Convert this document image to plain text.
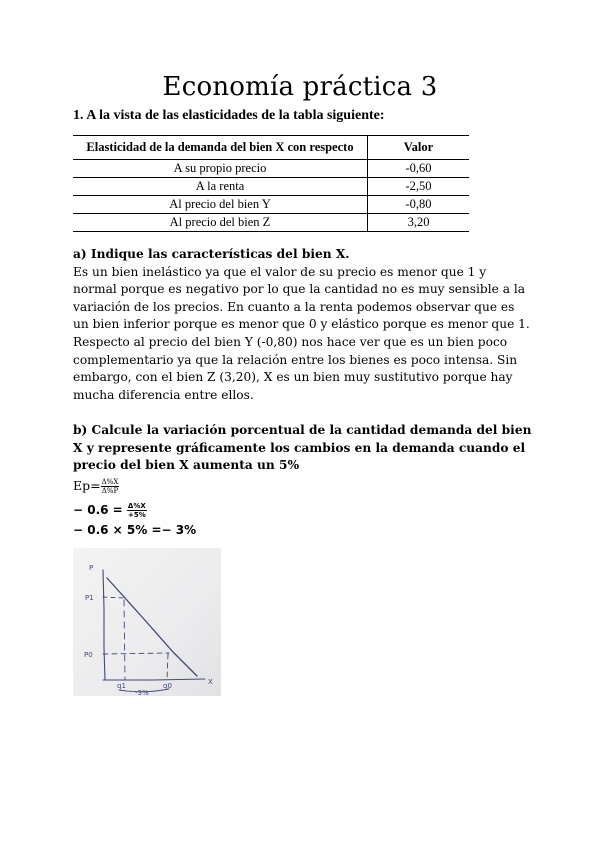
Economía práctica 3
1. A la vista de las elasticidades de la tabla siguiente:
Elasticidad de la demanda del bien X con respecto	Valor
A su propio precio	-0,60
A la renta	-2,50
Al precio del bien Y	-0,80
Al precio del bien Z	3,20
a) Indique las características del bien X.
Es un bien inelástico ya que el valor de su precio es menor que 1 y normal porque es negativo por lo que la cantidad no es muy sensible a la variación de los precios. En cuanto a la renta podemos observar que es un bien inferior porque es menor que 0 y elástico porque es menor que 1. Respecto al precio del bien Y (-0,80) nos hace ver que es un bien poco complementario ya que la relación entre los bienes es poco intensa. Sin embargo, con el bien Z (3,20), X es un bien muy sustitutivo porque hay mucha diferencia entre ellos.
b) Calcule la variación porcentual de la cantidad demanda del bien X y represente gráficamente los cambios en la demanda cuando el precio del bien X aumenta un 5%
$Ep= \frac{\Delta\%X}{\Delta\%P}$
− $0.6 = \frac{\Delta\%X}{+5\%}$
− 0.6 × 5% =− 3%
P
P1
P0
X
q1	q0
-3%
